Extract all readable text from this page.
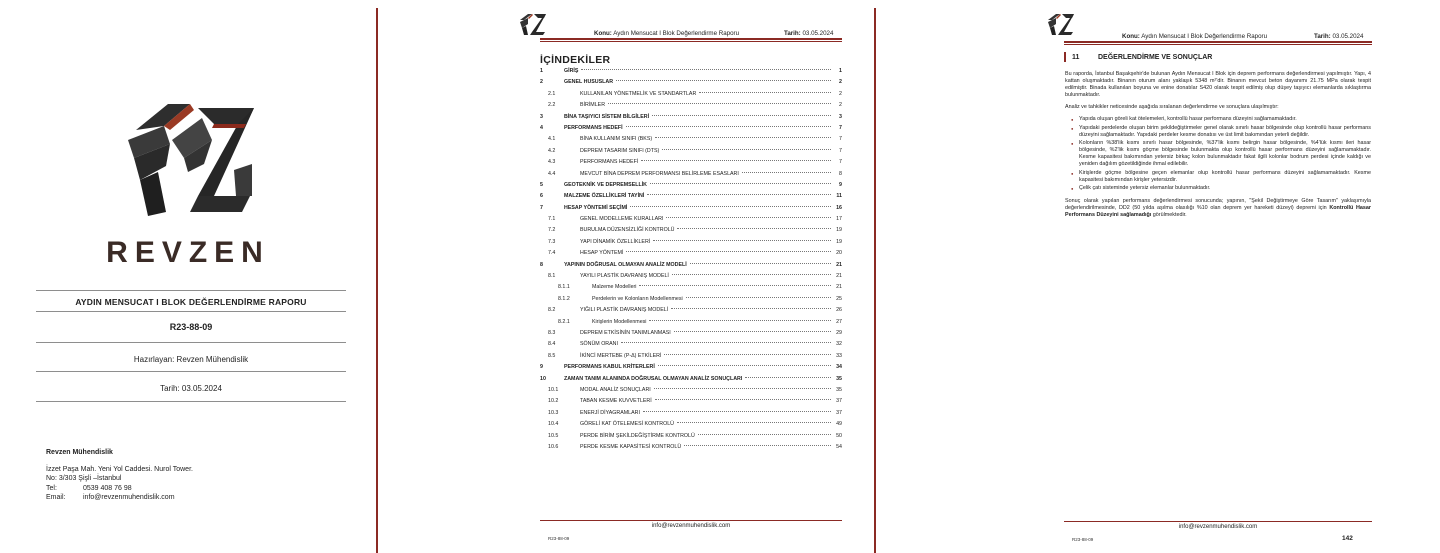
REVZEN
AYDIN MENSUCAT I BLOK DEĞERLENDİRME RAPORU
R23-88-09
Hazırlayan: Revzen Mühendislik
Tarih: 03.05.2024
Revzen Mühendislik
İzzet Paşa Mah. Yeni Yol Caddesi. Nurol Tower.
No: 3/303 Şişli –İstanbul
Tel:	0539 408 76 98
Email:	info@revzenmuhendislik.com
Konu: Aydın Mensucat I Blok Değerlendirme Raporu	Tarih: 03.05.2024
İÇİNDEKİLER
1	GİRİŞ	1
2	GENEL HUSUSLAR	2
2.1	KULLANILAN YÖNETMELİK VE STANDARTLAR	2
2.2	BİRİMLER	2
3	BİNA TAŞIYICI SİSTEM BİLGİLERİ	3
4	PERFORMANS HEDEFİ	7
4.1	BİNA KULLANIM SINIFI (BKS)	7
4.2	DEPREM TASARIM SINIFI (DTS)	7
4.3	PERFORMANS HEDEFİ	7
4.4	MEVCUT BİNA DEPREM PERFORMANSI BELİRLEME ESASLARI	8
5	GEOTEKNİK VE DEPREMSELLİK	9
6	MALZEME ÖZELLİKLERİ TAYİNİ	11
7	HESAP YÖNTEMİ SEÇİMİ	16
7.1	GENEL MODELLEME KURALLARI	17
7.2	BURULMA DÜZENSİZLİĞİ KONTROLÜ	19
7.3	YAPI DİNAMİK ÖZELLİKLERİ	19
7.4	HESAP YÖNTEMİ	20
8	YAPININ DOĞRUSAL OLMAYAN ANALİZ MODELİ	21
8.1	YAYILI PLASTİK DAVRANIŞ MODELİ	21
8.1.1	Malzeme Modelleri	21
8.1.2	Perdelerin ve Kolonların Modellenmesi	25
8.2	YIĞILI PLASTİK DAVRANIŞ MODELİ	26
8.2.1	Kirişlerin Modellenmesi	27
8.3	DEPREM ETKİSİNİN TANIMLANMASI	29
8.4	SÖNÜM ORANI	32
8.5	İKİNCİ MERTEBE (P-Δ) ETKİLERİ	33
9	PERFORMANS KABUL KRİTERLERİ	34
10	ZAMAN TANIM ALANINDA DOĞRUSAL OLMAYAN ANALİZ SONUÇLARI	35
10.1	MODAL ANALİZ SONUÇLARI	35
10.2	TABAN KESME KUVVETLERİ	37
10.3	ENERJİ DİYAGRAMLARI	37
10.4	GÖRELİ KAT ÖTELEMESİ KONTROLÜ	49
10.5	PERDE BİRİM ŞEKİLDEĞİŞTİRME KONTROLÜ	50
10.6	PERDE KESME KAPASİTESİ KONTROLÜ	54
info@revzenmuhendislik.com
R23-88-09
Konu: Aydın Mensucat I Blok Değerlendirme Raporu	Tarih: 03.05.2024
11	DEĞERLENDİRME VE SONUÇLAR

Bu raporda, İstanbul Başakşehir'de bulunan Aydın Mensucat I Blok için deprem performans değerlendirmesi yapılmıştır. Yapı, 4 kattan oluşmaktadır. Binanın oturum alanı yaklaşık 5348 m²'dir. Binanın mevcut beton dayanımı 21.75 MPa olarak tespit edilmiştir. Binada kullanılan boyuna ve enine donatılar S420 olarak tespit edilmiş olup düşey taşıyıcı elemanlarda sıklaştırma bulunmaktadır.

Analiz ve tahkikler neticesinde aşağıda sıralanan değerlendirme ve sonuçlara ulaşılmıştır:

● Yapıda oluşan göreli kat ötelemeleri, kontrollü hasar performans düzeyini sağlamamaktadır.
● Yapıdaki perdelerde oluşan birim şekildeğiştirmeler genel olarak sınırlı hasar bölgesinde olup kontrollü hasar performans düzeyini sağlamaktadır. Yapıdaki perdeler kesme donatısı ve üst limit bakımından yeterli değildir.
● Kolonların %38'lik kısmı sınırlı hasar bölgesinde, %37'lik kısmı belirgin hasar bölgesinde, %4'lük kısmı ileri hasar bölgesinde, %2'lik kısmı göçme bölgesinde bulunmakta olup kontrollü hasar performans düzeyini sağlamamaktadır. Kesme kapasitesi bakımından yetersiz birkaç kolon bulunmaktadır fakat ilgili kolonlar bodrum perdesi içinde kaldığı ve yeniden dağılım gözetildiğinde ihmal edilebilir.
● Kirişlerde göçme bölgesine geçen elemanlar olup kontrollü hasar performans düzeyini sağlamamaktadır. Kesme kapasitesi bakımından kirişler yetersizdir.
● Çelik çatı sisteminde yetersiz elemanlar bulunmaktadır.

Sonuç olarak yapılan performans değerlendirmesi sonucunda; yapının, "Şekil Değiştirmeye Göre Tasarım" yaklaşımıyla değerlendirilmesinde, DD2 (50 yılda aşılma olasılığı %10 olan deprem yer hareketi düzeyi) depremi için Kontrollü Hasar Performans Düzeyini sağlamadığı görülmektedir.

info@revzenmuhendislik.com
R23-88-09	142
